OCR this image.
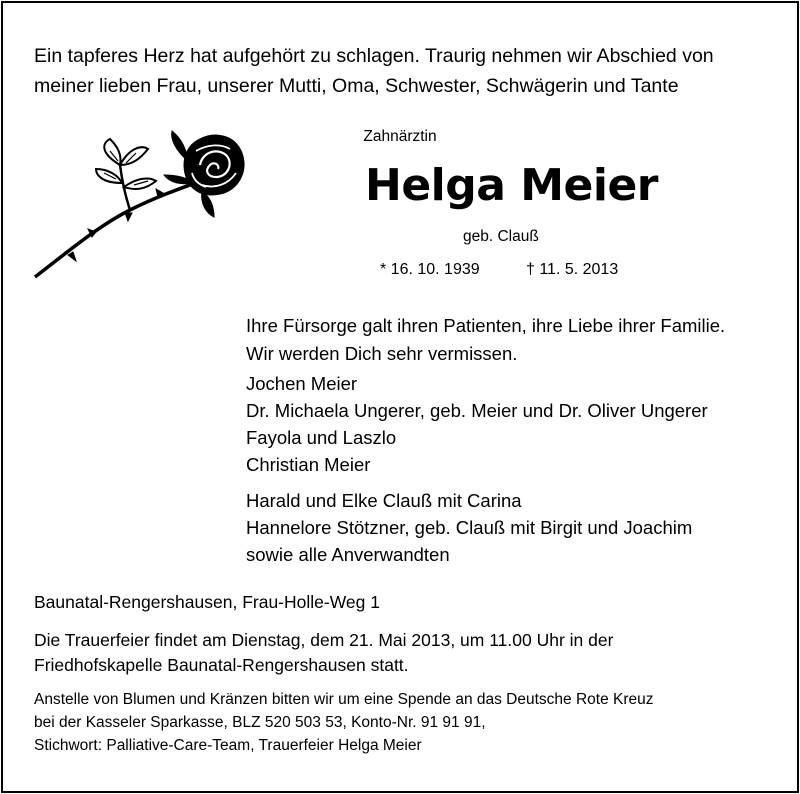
Ein tapferes Herz hat aufgehört zu schlagen. Traurig nehmen wir Abschied von
meiner lieben Frau, unserer Mutti, Oma, Schwester, Schwägerin und Tante
Zahnärztin
Helga Meier
geb. Clauß
* 16. 10. 1939	† 11. 5. 2013
Ihre Fürsorge galt ihren Patienten, ihre Liebe ihrer Familie.
Wir werden Dich sehr vermissen.
Jochen Meier
Dr. Michaela Ungerer, geb. Meier und Dr. Oliver Ungerer
Fayola und Laszlo
Christian Meier
Harald und Elke Clauß mit Carina
Hannelore Stötzner, geb. Clauß mit Birgit und Joachim
sowie alle Anverwandten
Baunatal-Rengershausen, Frau-Holle-Weg 1
Die Trauerfeier findet am Dienstag, dem 21. Mai 2013, um 11.00 Uhr in der
Friedhofskapelle Baunatal-Rengershausen statt.
Anstelle von Blumen und Kränzen bitten wir um eine Spende an das Deutsche Rote Kreuz
bei der Kasseler Sparkasse, BLZ 520 503 53, Konto-Nr. 91 91 91,
Stichwort: Palliative-Care-Team, Trauerfeier Helga Meier
